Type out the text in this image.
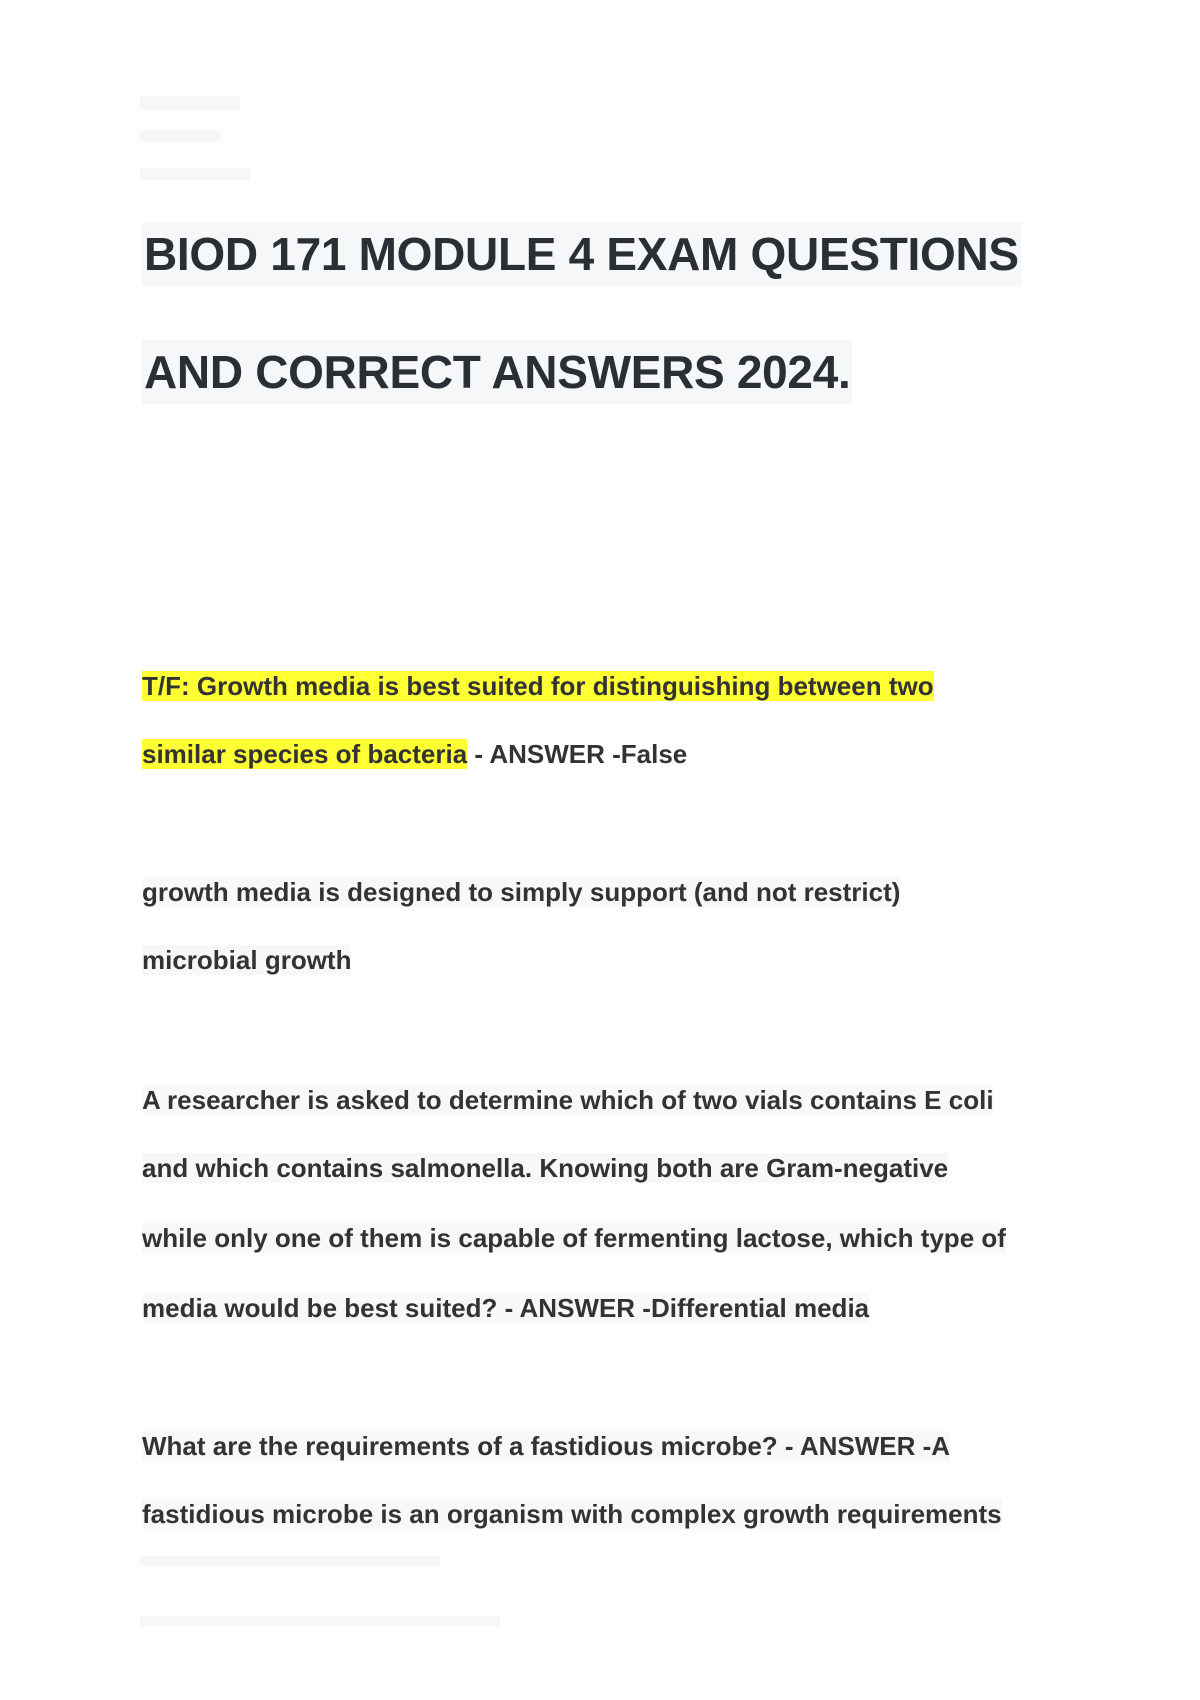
BIOD 171 MODULE 4 EXAM QUESTIONS
AND CORRECT ANSWERS 2024.
T/F: Growth media is best suited for distinguishing between two
similar species of bacteria - ANSWER -False
growth media is designed to simply support (and not restrict)
microbial growth
A researcher is asked to determine which of two vials contains E coli
and which contains salmonella. Knowing both are Gram-negative
while only one of them is capable of fermenting lactose, which type of
media would be best suited? - ANSWER -Differential media
What are the requirements of a fastidious microbe? - ANSWER -A
fastidious microbe is an organism with complex growth requirements
